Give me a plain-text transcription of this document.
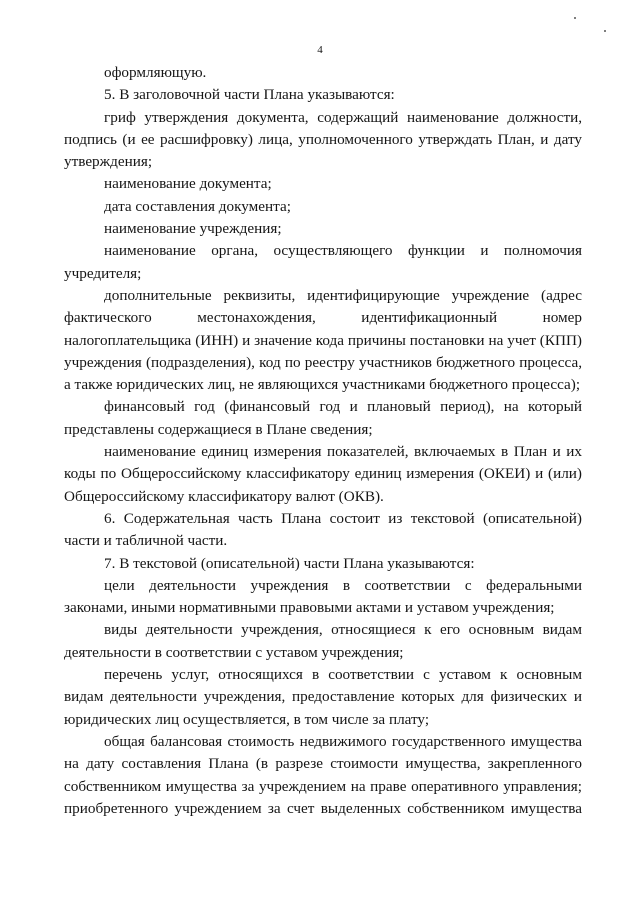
4

оформляющую.

5. В заголовочной части Плана указываются:

гриф утверждения документа, содержащий наименование должности, подпись (и ее расшифровку) лица, уполномоченного утверждать План, и дату утверждения;

наименование документа;

дата составления документа;

наименование учреждения;

наименование органа, осуществляющего функции и полномочия учредителя;

дополнительные реквизиты, идентифицирующие учреждение (адрес фактического местонахождения, идентификационный номер налогоплательщика (ИНН) и значение кода причины постановки на учет (КПП) учреждения (подразделения), код по реестру участников бюджетного процесса, а также юридических лиц, не являющихся участниками бюджетного процесса);

финансовый год (финансовый год и плановый период), на который представлены содержащиеся в Плане сведения;

наименование единиц измерения показателей, включаемых в План и их коды по Общероссийскому классификатору единиц измерения (ОКЕИ) и (или) Общероссийскому классификатору валют (ОКВ).

6. Содержательная часть Плана состоит из текстовой (описательной) части и табличной части.

7. В текстовой (описательной) части Плана указываются:

цели деятельности учреждения в соответствии с федеральными законами, иными нормативными правовыми актами и уставом учреждения;

виды деятельности учреждения, относящиеся к его основным видам деятельности в соответствии с уставом учреждения;

перечень услуг, относящихся в соответствии с уставом к основным видам деятельности учреждения, предоставление которых для физических и юридических лиц осуществляется, в том числе за плату;

общая балансовая стоимость недвижимого государственного имущества на дату составления Плана (в разрезе стоимости имущества, закрепленного собственником имущества за учреждением на праве оперативного управления; приобретенного учреждением за счет выделенных собственником имущества
